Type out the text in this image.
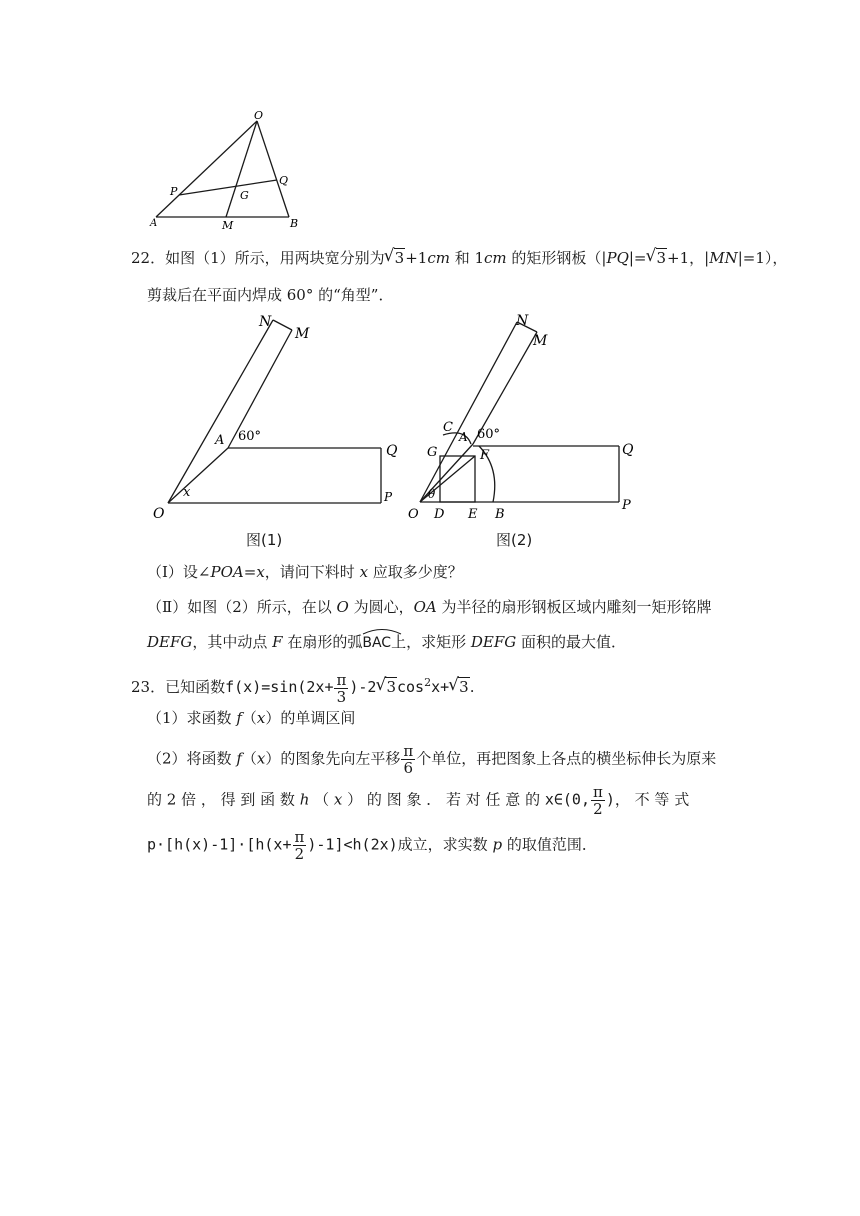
O
P
Q
G
A	M	B
22．如图（1）所示，用两块宽分别为 √ 3+1cm 和 1cm 的矩形钢板（|PQ|= √ 3+1，|MN|=1），
剪裁后在平面内焊成 60° 的“角型”．
N
M
A 60°
Q
O
x	P
图(1)
N
M
C
A 60°
G	F	Q
O
θ
D E B
P
图(2)
（Ⅰ）设∠POA=x，请问下料时 x 应取多少度？
（Ⅱ）如图（2）所示，在以 O 为圆心，OA 为半径的扇形钢板区域内雕刻一矩形铭牌
DEFG，其中动点 F 在扇形的弧
BAC上，求矩形 DEFG 面积的最大值．
23．已知函数$f(x)=\sin(2x+ \frac{\pi}{3} )-2$ √ $3\cos^2x+$ √ 3.
（1）求函数 f（x）的单调区间
（2）将函数 f（x）的图象先向左平移 $\frac{\pi}{6}$ 个单位，再把图象上各点的横坐标伸长为原来
的 2 倍 ， 得 到 函 数 h （ x ） 的 图 象 ． 若 对 任 意 的 x∈(0, $\frac{\pi}{2}$ )， 不 等 式
$p\cdot[h(x)-1]\cdot[h(x+ \frac{\pi}{2} )-1]<h(2x)$成立，求实数 p 的取值范围．
